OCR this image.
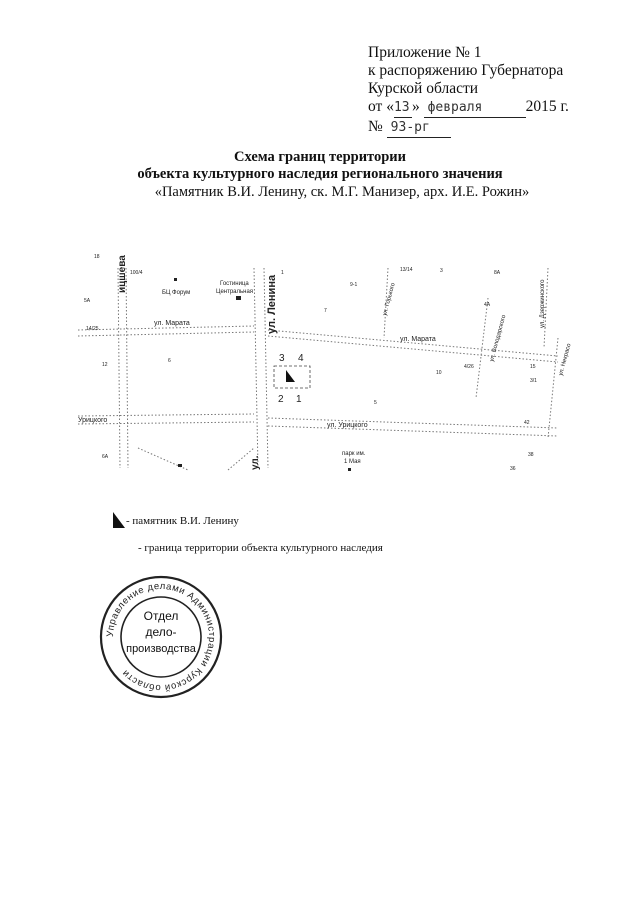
Приложение № 1
к распоряжению Губернатора
Курской области
от «13 » февраля	2015 г.
№ 93-рг
Схема границ территории
объекта культурного наследия регионального значения
«Памятник В.И. Ленину, ск. М.Г. Манизер, арх. И.Е. Рожин»
ицшева
ул. Ленина
ул.
ул. Марата
ул. Марата
ул. Горького
ул. Володарского
ул. Дзержинского
ул. Некрасо
Урицкого
ул. Урицкого
БЦ Форум
Гостиница
Центральная
парк им.
1 Мая
3 4
2 1
18
100/4
5А
14/25
12
6А
6
1
9-1
7
13/14	3	8А
4А
4/26
10
5
15
3/1
42
38
36
- памятник В.И. Ленину
- граница территории объекта культурного наследия
Управление делами Администрации Курской области
Отдел
дело-
производства
